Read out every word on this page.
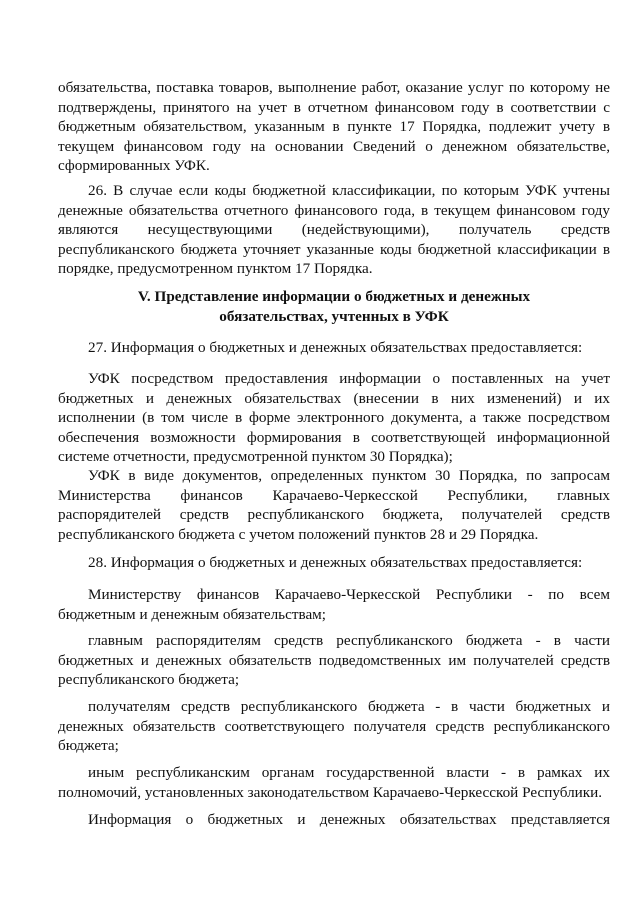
обязательства, поставка товаров, выполнение работ, оказание услуг по которому не подтверждены, принятого на учет в отчетном финансовом году в соответствии с бюджетным обязательством, указанным в пункте 17 Порядка, подлежит учету в текущем финансовом году на основании Сведений о денежном обязательстве, сформированных УФК.

26. В случае если коды бюджетной классификации, по которым УФК учтены денежные обязательства отчетного финансового года, в текущем финансовом году являются несуществующими (недействующими), получатель средств республиканского бюджета уточняет указанные коды бюджетной классификации в порядке, предусмотренном пунктом 17 Порядка.

V. Представление информации о бюджетных и денежных

обязательствах, учтенных в УФК

27. Информация о бюджетных и денежных обязательствах предоставляется:

УФК посредством предоставления информации о поставленных на учет бюджетных и денежных обязательствах (внесении в них изменений) и их исполнении (в том числе в форме электронного документа, а также посредством обеспечения возможности формирования в соответствующей информационной системе отчетности, предусмотренной пунктом 30 Порядка);

УФК в виде документов, определенных пунктом 30 Порядка, по запросам Министерства финансов Карачаево-Черкесской Республики, главных распорядителей средств республиканского бюджета, получателей средств республиканского бюджета с учетом положений пунктов 28 и 29 Порядка.

28. Информация о бюджетных и денежных обязательствах предоставляется:

Министерству финансов Карачаево-Черкесской Республики - по всем бюджетным и денежным обязательствам;

главным распорядителям средств республиканского бюджета - в части бюджетных и денежных обязательств подведомственных им получателей средств республиканского бюджета;

получателям средств республиканского бюджета - в части бюджетных и денежных обязательств соответствующего получателя средств республиканского бюджета;

иным республиканским органам государственной власти - в рамках их полномочий, установленных законодательством Карачаево-Черкесской Республики.

Информация о бюджетных и денежных обязательствах представляется
